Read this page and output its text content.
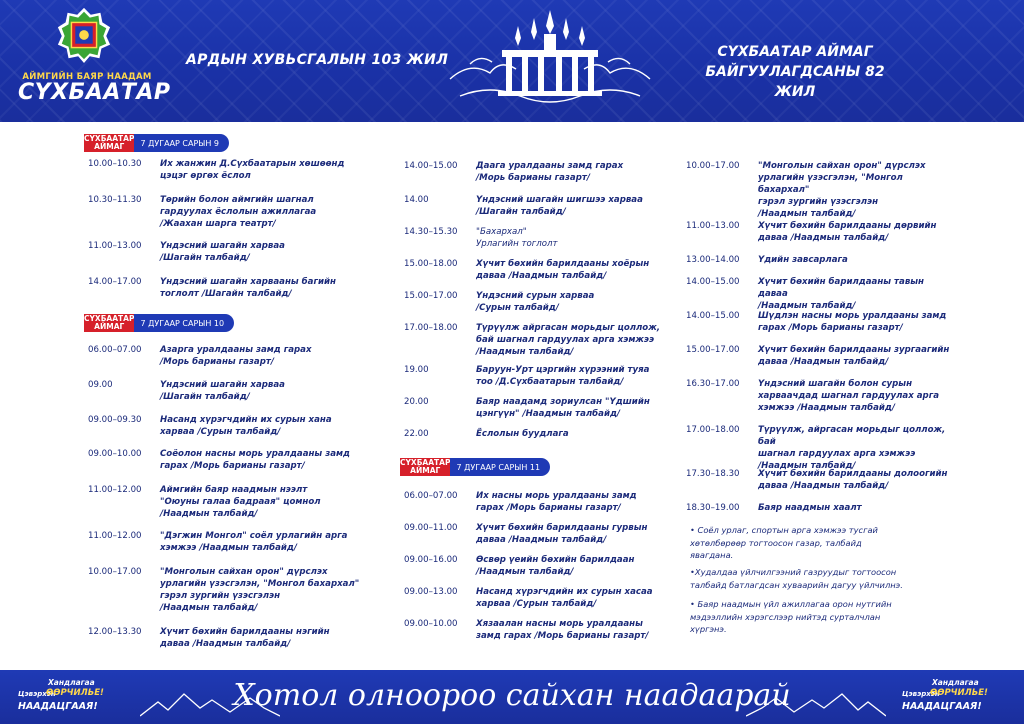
АЙМГИЙН БАЯР НААДАМ
СҮХБААТАР
АРДЫН ХУВЬСГАЛЫН 103 ЖИЛ	СҮХБААТАР АЙМАГ
БАЙГУУЛАГДСАНЫ 82 ЖИЛ
СҮХБААТАР
АЙМАГ	7 ДУГААР САРЫН 9
10.00–10.30	Их жанжин Д.Сүхбаатарын хөшөөнд
цэцэг өргөх ёслол
10.30–11.30	Төрийн болон аймгийн шагнал
гардуулах ёслолын ажиллагаа
/Жаахан шарга театрт/
11.00–13.00	Үндэсний шагайн харваа
/Шагайн талбайд/
14.00–17.00	Үндэсний шагайн харвааны багийн
тоглолт /Шагайн талбайд/
СҮХБААТАР
АЙМАГ	7 ДУГААР САРЫН 10
06.00–07.00	Азарга уралдааны замд гарах
/Морь барианы газарт/
09.00	Үндэсний шагайн харваа
/Шагайн талбайд/
09.00–09.30	Насанд хүрэгчдийн их сурын хана
харваа /Сурын талбайд/
09.00–10.00	Соёолон насны морь уралдааны замд
гарах /Морь барианы газарт/
11.00–12.00	Аймгийн баяр наадмын нээлт
"Оюуны галаа бадраая" цомнол
/Наадмын талбайд/
11.00–12.00	"Дэгжин Монгол" соёл урлагийн арга
хэмжээ /Наадмын талбайд/
10.00–17.00	"Монголын сайхан орон" дүрслэх
урлагийн үзэсгэлэн, "Монгол бахархал"
гэрэл зургийн үзэсгэлэн
/Наадмын талбайд/
12.00–13.30	Хүчит бөхийн барилдааны нэгийн
даваа /Наадмын талбайд/
14.00–15.00	Даага уралдааны замд гарах
/Морь барианы газарт/
14.00	Үндэсний шагайн шигшээ харваа
/Шагайн талбайд/
14.30–15.30	"Бахархал"
Урлагийн тоглолт
15.00–18.00	Хүчит бөхийн барилдааны хоёрын
даваа /Наадмын талбайд/
15.00–17.00	Үндэсний сурын харваа
/Сурын талбайд/
17.00–18.00	Түрүүлж айргасан морьдыг цоллож,
бай шагнал гардуулах арга хэмжээ
/Наадмын талбайд/
19.00	Баруун-Урт цэргийн хүрээний туяа
тоо /Д.Сүхбаатарын талбайд/
20.00	Баяр наадамд зориулсан "Үдшийн
цэнгүүн" /Наадмын талбайд/
22.00	Ёслолын буудлага
СҮХБААТАР
АЙМАГ	7 ДУГААР САРЫН 11
06.00–07.00	Их насны морь уралдааны замд
гарах /Морь барианы газарт/
09.00–11.00	Хүчит бөхийн барилдааны гурвын
даваа /Наадмын талбайд/
09.00–16.00	Өсвөр үеийн бөхийн барилдаан
/Наадмын талбайд/
09.00–13.00	Насанд хүрэгчдийн их сурын хасаа
харваа /Сурын талбайд/
09.00–10.00	Хязаалан насны морь уралдааны
замд гарах /Морь барианы газарт/
10.00–17.00	"Монголын сайхан орон" дүрслэх
урлагийн үзэсгэлэн, "Монгол бахархал"
гэрэл зургийн үзэсгэлэн
/Наадмын талбайд/
11.00–13.00	Хүчит бөхийн барилдааны дөрвийн
даваа /Наадмын талбайд/
13.00–14.00	Үдийн завсарлага
14.00–15.00	Хүчит бөхийн барилдааны тавын даваа
/Наадмын талбайд/
14.00–15.00	Шүдлэн насны морь уралдааны замд
гарах /Морь барианы газарт/
15.00–17.00	Хүчит бөхийн барилдааны зургаагийн
даваа /Наадмын талбайд/
16.30–17.00	Үндэсний шагайн болон сурын
харваачдад шагнал гардуулах арга
хэмжээ /Наадмын талбайд/
17.00–18.00	Түрүүлж, айргасан морьдыг цоллож, бай
шагнал гардуулах арга хэмжээ
/Наадмын талбайд/
17.30–18.30	Хүчит бөхийн барилдааны долоогийн
даваа /Наадмын талбайд/
18.30–19.00	Баяр наадмын хаалт
• Соёл урлаг, спортын арга хэмжээ тусгай
хөтөлбөрөөр тогтоосон газар, талбайд
явагдана.
•Худалдаа үйлчилгээний газруудыг тогтоосон
талбайд батлагдсан хуваарийн дагуу үйлчилнэ.
• Баяр наадмын үйл ажиллагаа орон нутгийн
мэдээллийн хэрэгслээр нийтэд сурталчлан
хүргэнэ.
Хандлагаа
Цэвэрхэн
ӨӨРЧИЛЬЕ!
НААДАЦГААЯ!	Хотол олноороо сайхан наадаарай	Хандлагаа
Цэвэрхэн
ӨӨРЧИЛЬЕ!
НААДАЦГААЯ!
